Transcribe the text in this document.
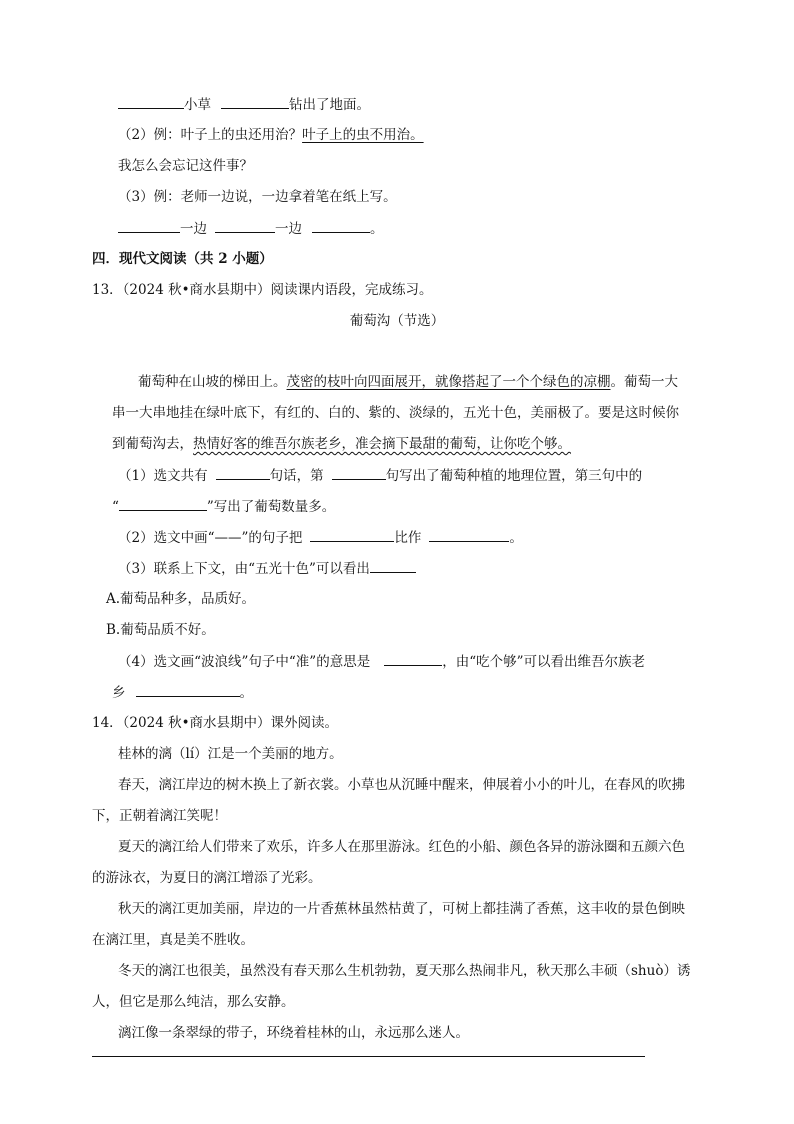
小草	钻出了地面。
（2）例：叶子上的虫还用治？叶子上的虫不用治。
我怎么会忘记这件事？
（3）例：老师一边说，一边拿着笔在纸上写。
一边	一边	。
四．现代文阅读（共 2 小题）
13．（2024 秋•商水县期中）阅读课内语段，完成练习。
葡萄沟（节选）
葡萄种在山坡的梯田上。茂密的枝叶向四面展开，就像搭起了一个个绿色的凉棚。葡萄一大
串一大串地挂在绿叶底下，有红的、白的、紫的、淡绿的，五光十色，美丽极了。要是这时候你
到葡萄沟去，热情好客的维吾尔族老乡，准会摘下最甜的葡萄，让你吃个够。
（1）选文共有	句话，第	句写出了葡萄种植的地理位置，第三句中的
“	”写出了葡萄数量多。
（2）选文中画“——”的句子把	比作	。
（3）联系上下文，由“五光十色”可以看出
A.葡萄品种多，品质好。
B.葡萄品质不好。
（4）选文画“波浪线”句子中“准”的意思是	，由“吃个够”可以看出维吾尔族老
乡	。
14．（2024 秋•商水县期中）课外阅读。
桂林的漓（lí）江是一个美丽的地方。
春天，漓江岸边的树木换上了新衣裳。小草也从沉睡中醒来，伸展着小小的叶儿，在春风的吹拂
下，正朝着漓江笑呢！
夏天的漓江给人们带来了欢乐，许多人在那里游泳。红色的小船、颜色各异的游泳圈和五颜六色
的游泳衣，为夏日的漓江增添了光彩。
秋天的漓江更加美丽，岸边的一片香蕉林虽然枯黄了，可树上都挂满了香蕉，这丰收的景色倒映
在漓江里，真是美不胜收。
冬天的漓江也很美，虽然没有春天那么生机勃勃，夏天那么热闹非凡，秋天那么丰硕（shuò）诱
人，但它是那么纯洁，那么安静。
漓江像一条翠绿的带子，环绕着桂林的山，永远那么迷人。
